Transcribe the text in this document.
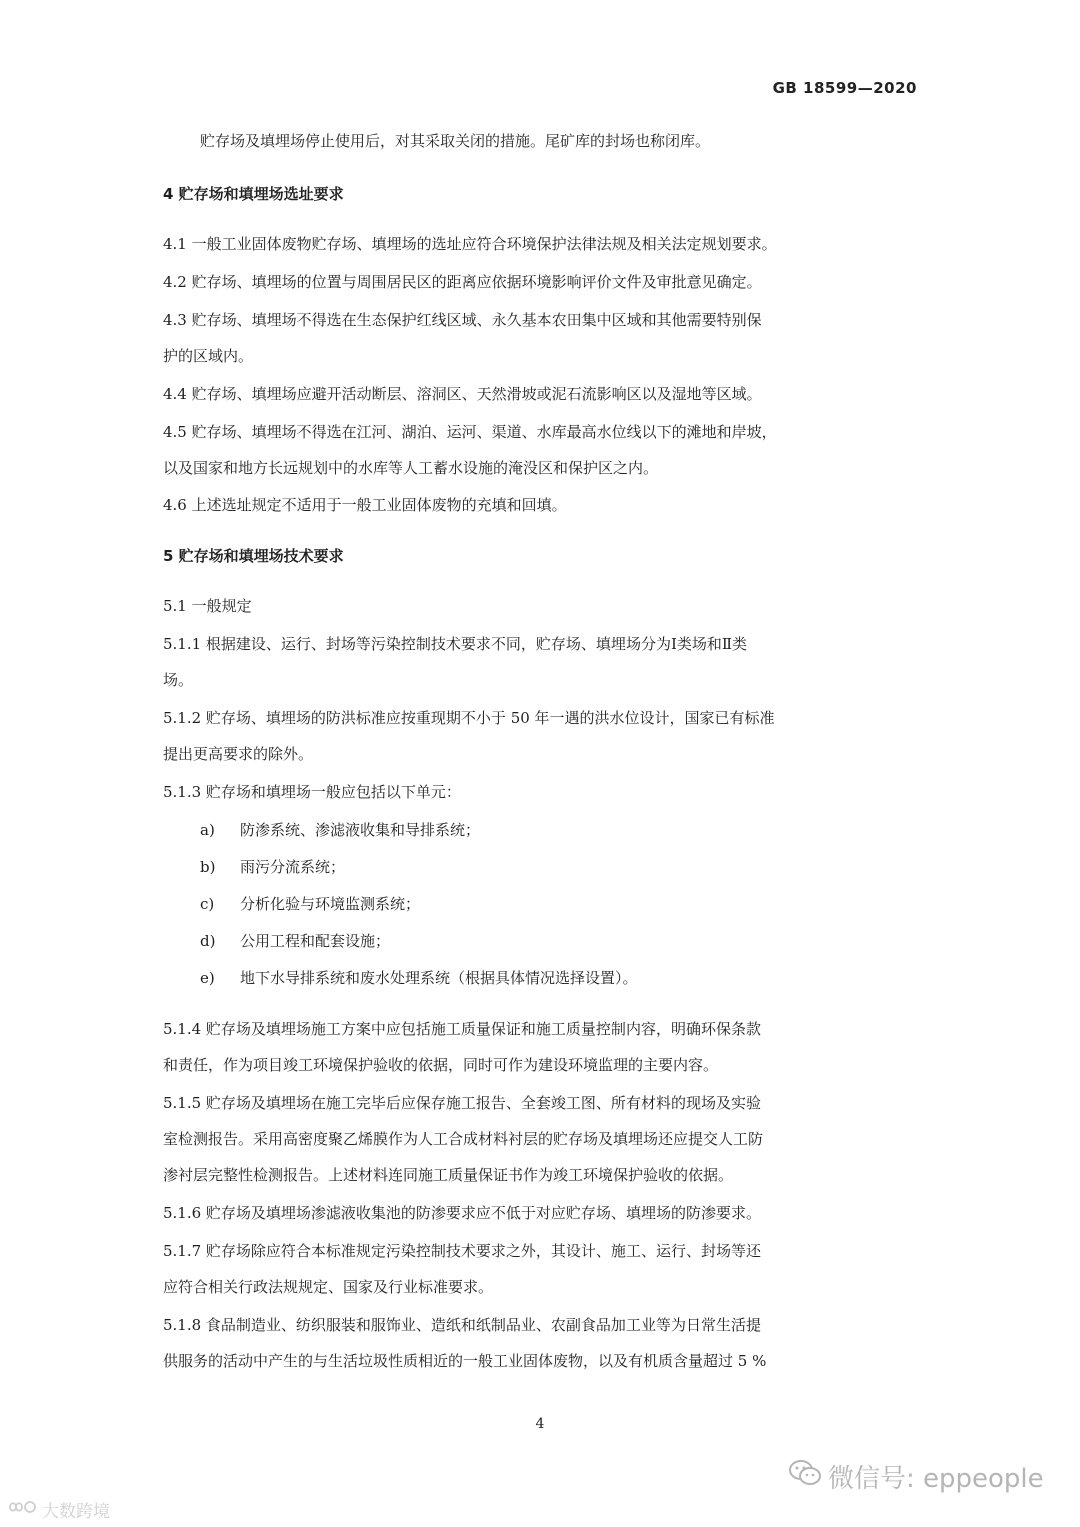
GB 18599—2020
贮存场及填埋场停止使用后，对其采取关闭的措施。尾矿库的封场也称闭库。
4 贮存场和填埋场选址要求
4.1 一般工业固体废物贮存场、填埋场的选址应符合环境保护法律法规及相关法定规划要求。
4.2 贮存场、填埋场的位置与周围居民区的距离应依据环境影响评价文件及审批意见确定。
4.3 贮存场、填埋场不得选在生态保护红线区域、永久基本农田集中区域和其他需要特别保
护的区域内。
4.4 贮存场、填埋场应避开活动断层、溶洞区、天然滑坡或泥石流影响区以及湿地等区域。
4.5 贮存场、填埋场不得选在江河、湖泊、运河、渠道、水库最高水位线以下的滩地和岸坡，
以及国家和地方长远规划中的水库等人工蓄水设施的淹没区和保护区之内。
4.6 上述选址规定不适用于一般工业固体废物的充填和回填。
5 贮存场和填埋场技术要求
5.1 一般规定
5.1.1 根据建设、运行、封场等污染控制技术要求不同，贮存场、填埋场分为Ⅰ类场和Ⅱ类
场。
5.1.2 贮存场、填埋场的防洪标准应按重现期不小于 50 年一遇的洪水位设计，国家已有标准
提出更高要求的除外。
5.1.3 贮存场和填埋场一般应包括以下单元：
a) 防渗系统、渗滤液收集和导排系统；
b) 雨污分流系统；
c) 分析化验与环境监测系统；
d) 公用工程和配套设施；
e) 地下水导排系统和废水处理系统（根据具体情况选择设置）。
5.1.4 贮存场及填埋场施工方案中应包括施工质量保证和施工质量控制内容，明确环保条款
和责任，作为项目竣工环境保护验收的依据，同时可作为建设环境监理的主要内容。
5.1.5 贮存场及填埋场在施工完毕后应保存施工报告、全套竣工图、所有材料的现场及实验
室检测报告。采用高密度聚乙烯膜作为人工合成材料衬层的贮存场及填埋场还应提交人工防
渗衬层完整性检测报告。上述材料连同施工质量保证书作为竣工环境保护验收的依据。
5.1.6 贮存场及填埋场渗滤液收集池的防渗要求应不低于对应贮存场、填埋场的防渗要求。
5.1.7 贮存场除应符合本标准规定污染控制技术要求之外，其设计、施工、运行、封场等还
应符合相关行政法规规定、国家及行业标准要求。
5.1.8 食品制造业、纺织服装和服饰业、造纸和纸制品业、农副食品加工业等为日常生活提
供服务的活动中产生的与生活垃圾性质相近的一般工业固体废物，以及有机质含量超过 5 %
4
微信号: eppeople
大数跨境
